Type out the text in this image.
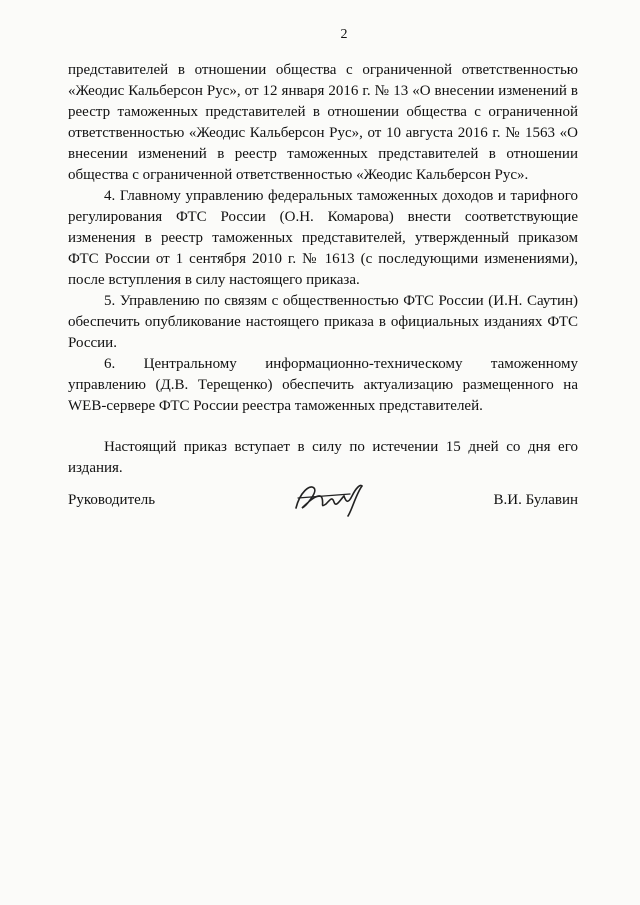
2

представителей в отношении общества с ограниченной ответственностью «Жеодис Кальберсон Рус», от 12 января 2016 г. № 13 «О внесении изменений в реестр таможенных представителей в отношении общества с ограниченной ответственностью «Жеодис Кальберсон Рус», от 10 августа 2016 г. № 1563 «О внесении изменений в реестр таможенных представителей в отношении общества с ограниченной ответственностью «Жеодис Кальберсон Рус».

4. Главному управлению федеральных таможенных доходов и тарифного регулирования ФТС России (О.Н. Комарова) внести соответствующие изменения в реестр таможенных представителей, утвержденный приказом ФТС России от 1 сентября 2010 г. № 1613 (с последующими изменениями), после вступления в силу настоящего приказа.

5. Управлению по связям с общественностью ФТС России (И.Н. Саутин) обеспечить опубликование настоящего приказа в официальных изданиях ФТС России.

6. Центральному информационно-техническому таможенному управлению (Д.В. Терещенко) обеспечить актуализацию размещенного на WEB-сервере ФТС России реестра таможенных представителей.

Настоящий приказ вступает в силу по истечении 15 дней со дня его издания.

Руководитель	В.И. Булавин
